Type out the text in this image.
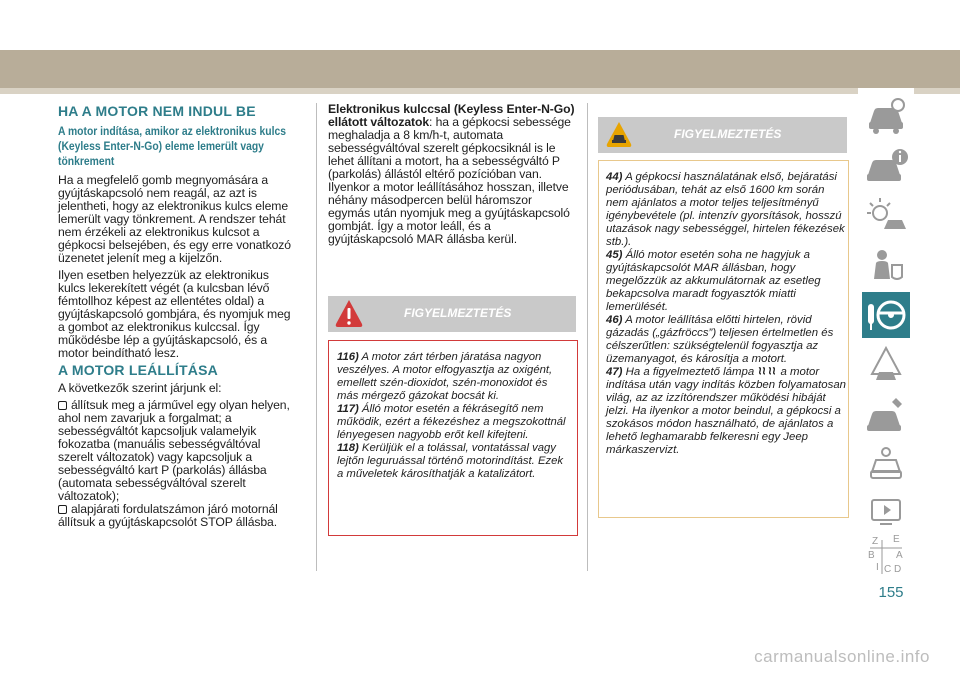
HA A MOTOR NEM INDUL BE
A motor indítása, amikor az elektronikus kulcs (Keyless Enter-N-Go) eleme lemerült vagy tönkrement

Ha a megfelelő gomb megnyomására a gyújtáskapcsoló nem reagál, az azt is jelentheti, hogy az elektronikus kulcs eleme lemerült vagy tönkrement. A rendszer tehát nem érzékeli az elektronikus kulcsot a gépkocsi belsejében, és egy erre vonatkozó üzenetet jelenít meg a kijelzőn.

Ilyen esetben helyezzük az elektronikus kulcs lekerekített végét (a kulcsban lévő fémtollhoz képest az ellentétes oldal) a gyújtáskapcsoló gombjára, és nyomjuk meg a gombot az elektronikus kulccsal. Így működésbe lép a gyújtáskapcsoló, és a motor beindítható lesz.

A MOTOR LEÁLLÍTÁSA

A következők szerint járjunk el:

állítsuk meg a járművel egy olyan helyen, ahol nem zavarjuk a forgalmat; a sebességváltót kapcsoljuk valamelyik fokozatba (manuális sebességváltóval szerelt változatok) vagy kapcsoljuk a sebességváltó kart P (parkolás) állásba (automata sebességváltóval szerelt változatok);

alapjárati fordulatszámon járó motornál állítsuk a gyújtáskapcsolót STOP állásba.

Elektronikus kulccsal (Keyless Enter-N-Go) ellátott változatok: ha a gépkocsi sebessége meghaladja a 8 km/h-t, automata sebességváltóval szerelt gépkocsiknál is le lehet állítani a motort, ha a sebességváltó P (parkolás) állástól eltérő pozícióban van. Ilyenkor a motor leállításához hosszan, illetve néhány másodpercen belül háromszor egymás után nyomjuk meg a gyújtáskapcsoló gombját. Így a motor leáll, és a gyújtáskapcsoló MAR állásba kerül.

FIGYELMEZTETÉS

116) A motor zárt térben járatása nagyon veszélyes. A motor elfogyasztja az oxigént, emellett szén-dioxidot, szén-monoxidot és más mérgező gázokat bocsát ki.

117) Álló motor esetén a fékrásegítő nem működik, ezért a fékezéshez a megszokottnál lényegesen nagyobb erőt kell kifejteni.

118) Kerüljük el a tolással, vontatással vagy lejtőn leguruással történő motorindítást. Ezek a műveletek károsíthatják a katalizátort.

FIGYELMEZTETÉS

44) A gépkocsi használatának első, bejáratási periódusában, tehát az első 1600 km során nem ajánlatos a motor teljes teljesítményű igénybevétele (pl. intenzív gyorsítások, hosszú utazások nagy sebességgel, hirtelen fékezések stb.).

45) Álló motor esetén soha ne hagyjuk a gyújtáskapcsolót MAR állásban, hogy megelőzzük az akkumulátornak az esetleg bekapcsolva maradt fogyasztók miatti lemerülését.

46) A motor leállítása előtti hirtelen, rövid gázadás („gázfröccs”) teljesen értelmetlen és célszerűtlen: szükségtelenül fogyasztja az üzemanyagot, és károsítja a motort.

47) Ha a figyelmeztető lámpa a motor indítása után vagy indítás közben folyamatosan világ, az az izzítórendszer működési hibáját jelzi. Ha ilyenkor a motor beindul, a gépkocsi a szokásos módon használható, de ajánlatos a lehető leghamarabb felkeresni egy Jeep márkaszervizt.

Z E
B A
I C D
155
carmanualsonline.info
